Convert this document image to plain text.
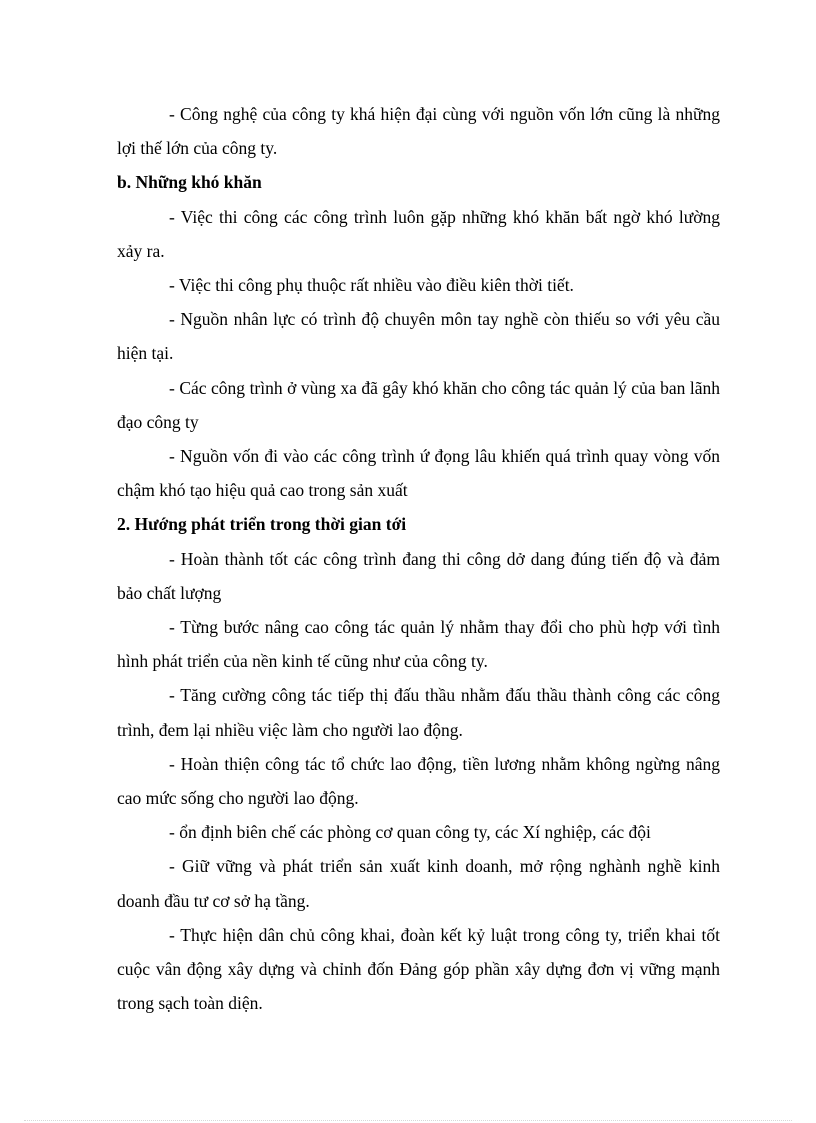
- Công nghệ của công ty khá hiện đại cùng với nguồn vốn lớn cũng là những lợi thế lớn của công ty.

b. Những khó khăn

- Việc thi công các công trình luôn gặp những khó khăn bất ngờ khó lường xảy ra.

- Việc thi công phụ thuộc rất nhiều vào điều kiên thời tiết.

- Nguồn nhân lực có trình độ chuyên môn tay nghề còn thiếu so với yêu cầu hiện tại.

- Các công trình ở vùng xa đã gây khó khăn cho công tác quản lý của ban lãnh đạo công ty

- Nguồn vốn đi vào các công trình ứ đọng lâu khiến quá trình quay vòng vốn chậm khó tạo hiệu quả cao trong sản xuất

2. Hướng phát triển trong thời gian tới

- Hoàn thành tốt các công trình đang thi công dở dang đúng tiến độ và đảm bảo chất lượng

- Từng bước nâng cao công tác quản lý nhằm thay đổi cho phù hợp với tình hình phát triển của nền kinh tế cũng như của công ty.

- Tăng cường công tác tiếp thị đấu thầu nhằm đấu thầu thành công các công trình, đem lại nhiều việc làm cho người lao động.

- Hoàn thiện công tác tổ chức lao động, tiền lương nhằm không ngừng nâng cao mức sống cho người lao động.

- ổn định biên chế các phòng cơ quan công ty, các Xí nghiệp, các đội

- Giữ vững và phát triển sản xuất kinh doanh, mở rộng nghành nghề kinh doanh đầu tư cơ sở hạ tầng.

- Thực hiện dân chủ công khai, đoàn kết kỷ luật trong công ty, triển khai tốt cuộc vân động xây dựng và chỉnh đốn Đảng góp phần xây dựng đơn vị vững mạnh trong sạch toàn diện.
